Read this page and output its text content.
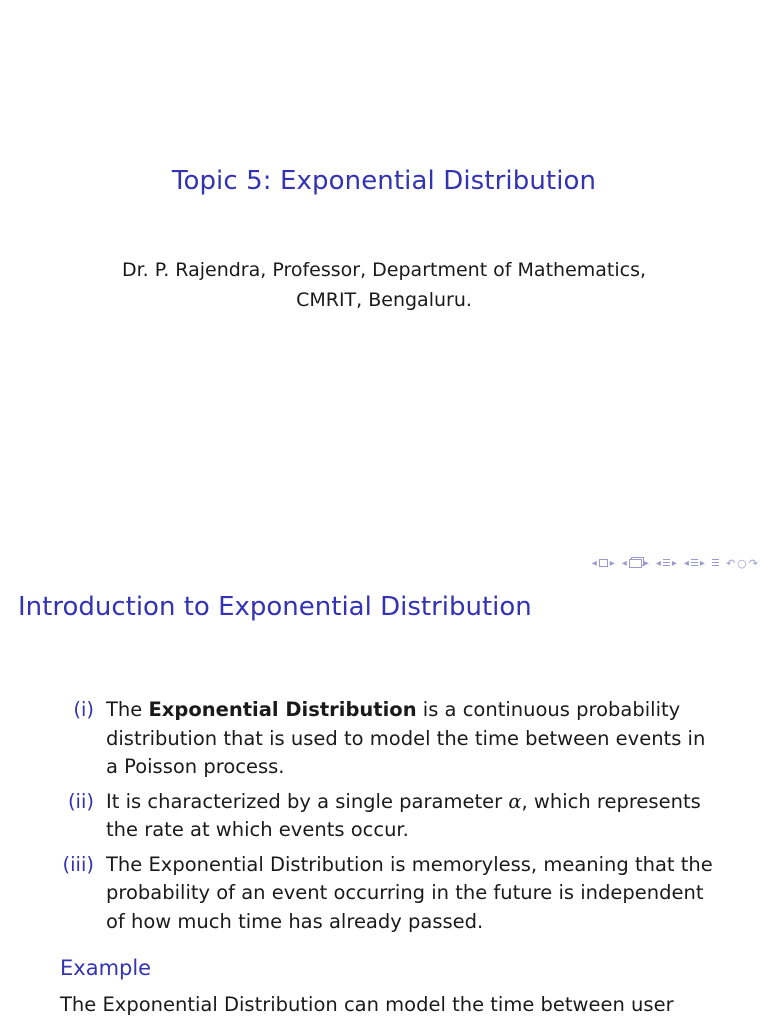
Topic 5: Exponential Distribution
Dr. P. Rajendra, Professor, Department of Mathematics,
CMRIT, Bengaluru.
◂ ▸ ◂ ▸ ◂ ▸ ◂ ▸ ↶ ○ ↷
Introduction to Exponential Distribution
(i) The Exponential Distribution is a continuous probability distribution that is used to model the time between events in a Poisson process.
(ii) It is characterized by a single parameter α, which represents the rate at which events occur.
(iii) The Exponential Distribution is memoryless, meaning that the probability of an event occurring in the future is independent of how much time has already passed.
Example
The Exponential Distribution can model the time between user
